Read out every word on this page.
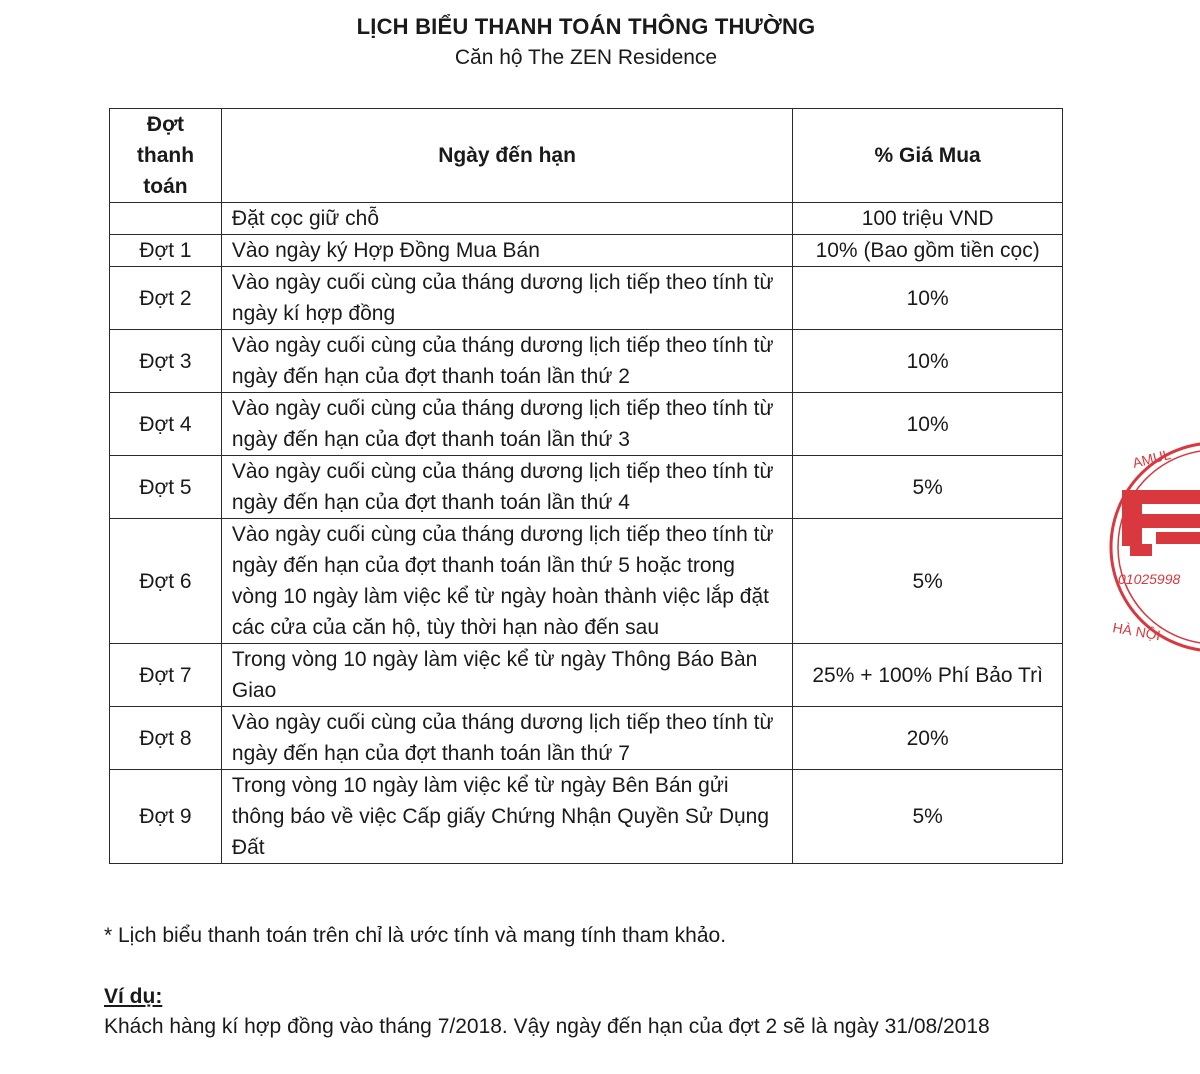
LỊCH BIỂU THANH TOÁN THÔNG THƯỜNG
Căn hộ The ZEN Residence
Đợt thanh toán	Ngày đến hạn	% Giá Mua
	Đặt cọc giữ chỗ	100 triệu VND
Đợt 1	Vào ngày ký Hợp Đồng Mua Bán	10% (Bao gồm tiền cọc)
Đợt 2	Vào ngày cuối cùng của tháng dương lịch tiếp theo tính từ ngày kí hợp đồng	10%
Đợt 3	Vào ngày cuối cùng của tháng dương lịch tiếp theo tính từ ngày đến hạn của đợt thanh toán lần thứ 2	10%
Đợt 4	Vào ngày cuối cùng của tháng dương lịch tiếp theo tính từ ngày đến hạn của đợt thanh toán lần thứ 3	10%
Đợt 5	Vào ngày cuối cùng của tháng dương lịch tiếp theo tính từ ngày đến hạn của đợt thanh toán lần thứ 4	5%
Đợt 6	Vào ngày cuối cùng của tháng dương lịch tiếp theo tính từ ngày đến hạn của đợt thanh toán lần thứ 5 hoặc trong vòng 10 ngày làm việc kể từ ngày hoàn thành việc lắp đặt các cửa của căn hộ, tùy thời hạn nào đến sau	5%
Đợt 7	Trong vòng 10 ngày làm việc kể từ ngày Thông Báo Bàn Giao	25% + 100% Phí Bảo Trì
Đợt 8	Vào ngày cuối cùng của tháng dương lịch tiếp theo tính từ ngày đến hạn của đợt thanh toán lần thứ 7	20%
Đợt 9	Trong vòng 10 ngày làm việc kể từ ngày Bên Bán gửi thông báo về việc Cấp giấy Chứng Nhận Quyền Sử Dụng Đất	5%
* Lịch biểu thanh toán trên chỉ là ước tính và mang tính tham khảo.
Ví dụ:
Khách hàng kí hợp đồng vào tháng 7/2018. Vậy ngày đến hạn của đợt 2 sẽ là ngày 31/08/2018
AMUL
01025998
HÀ NỘI
